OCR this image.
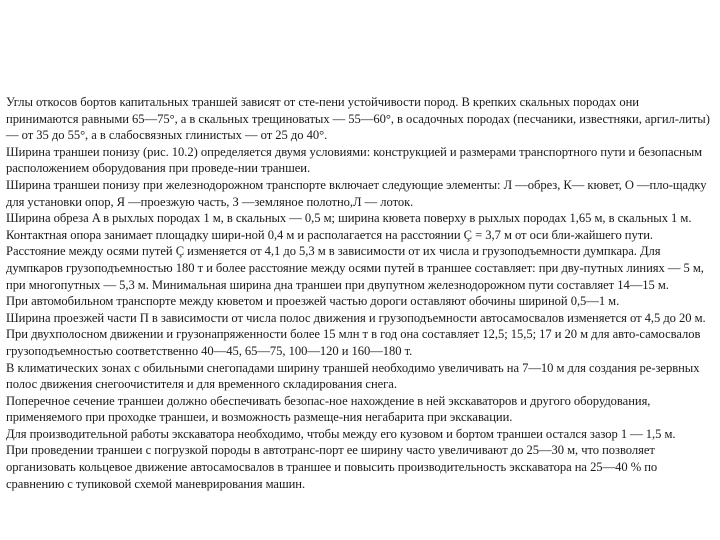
Углы откосов бортов капитальных траншей зависят от сте-пени устойчивости пород. В крепких скальных породах они принимаются равными 65—75°, а в скальных трещиноватых — 55—60°, в осадочных породах (песчаники, известняки, аргил-литы) — от 35 до 55°, а в слабосвязных глинистых — от 25 до 40°.

Ширина траншеи понизу (рис. 10.2) определяется двумя условиями: конструкцией и размерами транспортного пути и безопасным расположением оборудования при проведе-нии траншеи.

Ширина траншеи понизу при железнодорожном транспорте включает следующие элементы: Л —обрез, К— кювет, О —пло-щадку для установки опор, Я —проезжую часть, З —земляное полотно,Л — лоток.

Ширина обреза A в рыхлых породах 1 м, в скальных — 0,5 м; ширина кювета поверху в рыхлых породах 1,65 м, в скальных 1 м. Контактная опора занимает площадку шири-ной 0,4 м и располагается на расстоянии Ç = 3,7 м от оси бли-жайшего пути. Расстояние между осями путей Ç изменяется от 4,1 до 5,3 м в зависимости от их числа и грузоподъемности думпкара. Для думпкаров грузоподъемностью 180 т и более расстояние между осями путей в траншее составляет: при дву-путных линиях — 5 м, при многопутных — 5,3 м. Минимальная ширина дна траншеи при двупутном железнодорожном пути составляет 14—15 м.

При автомобильном транспорте между кюветом и проезжей частью дороги оставляют обочины шириной 0,5—1 м.

Ширина проезжей части П в зависимости от числа полос движения и грузоподъемности автосамосвалов изменяется от 4,5 до 20 м. При двухполосном движении и грузонапряженности более 15 млн т в год она составляет 12,5; 15,5; 17 и 20 м для авто-самосвалов грузоподъемностью соответственно 40—45, 65—75, 100—120 и 160—180 т.

В климатических зонах с обильными снегопадами ширину траншей необходимо увеличивать на 7—10 м для создания ре-зервных полос движения снегоочистителя и для временного складирования снега.

Поперечное сечение траншеи должно обеспечивать безопас-ное нахождение в ней экскаваторов и другого оборудования, применяемого при проходке траншеи, и возможность размеще-ния негабарита при экскавации.

Для производительной работы экскаватора необходимо, чтобы между его кузовом и бортом траншеи остался зазор 1 — 1,5 м.

При проведении траншеи с погрузкой породы в автотранс-порт ее ширину часто увеличивают до 25—30 м, что позволяет организовать кольцевое движение автосамосвалов в траншее и повысить производительность экскаватора на 25—40 % по сравнению с тупиковой схемой маневрирования машин.
